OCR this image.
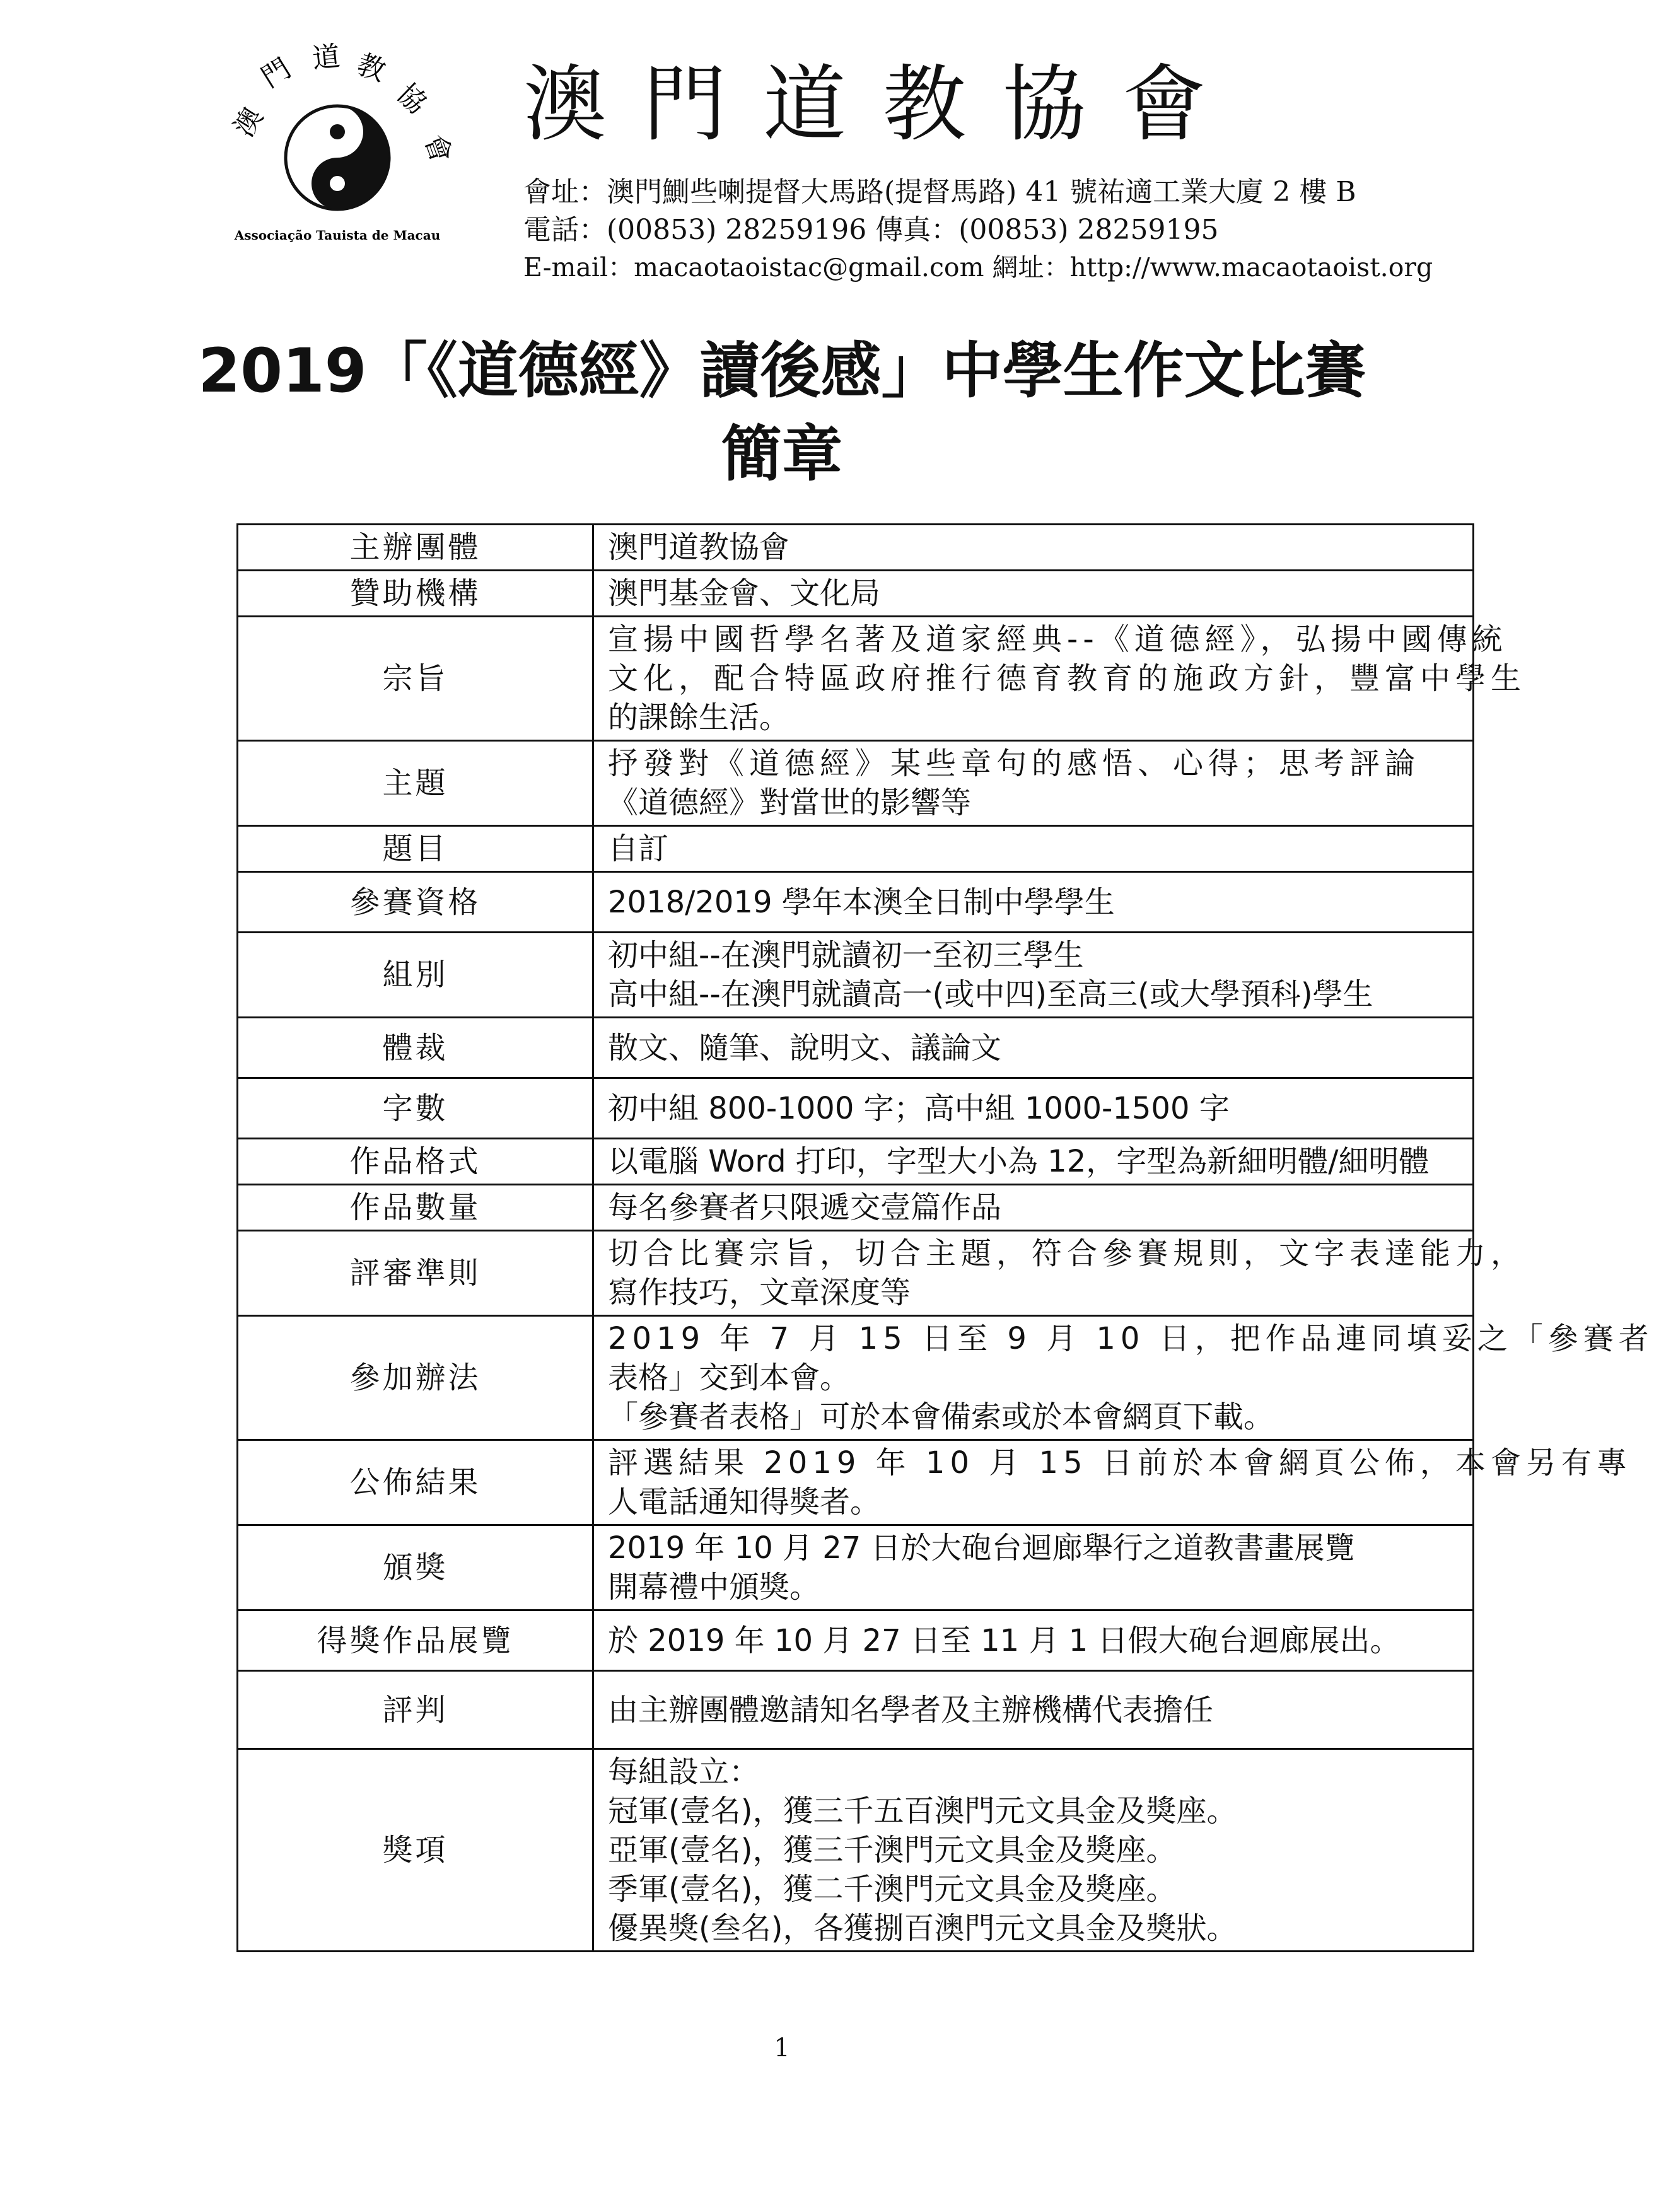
澳
門 道 教
協
會
Associação Tauista de Macau
澳門道教協會
會址：澳門鰂些喇提督大馬路(提督馬路) 41 號祐適工業大廈 2 樓 B
電話：(00853) 28259196 傳真：(00853) 28259195
E-mail：macaotaoistac@gmail.com 網址：http://www.macaotaoist.org
2019「《道德經》讀後感」中學生作文比賽
簡章
主辦團體	澳門道教協會

贊助機構	澳門基金會、文化局

宗旨	宣揚中國哲學名著及道家經典--《道德經》，弘揚中國傳統
文化，配合特區政府推行德育教育的施政方針，豐富中學生
的課餘生活。

主題	抒發對《道德經》某些章句的感悟、心得；思考評論
《道德經》對當世的影響等

題目	自訂

參賽資格	2018/2019 學年本澳全日制中學學生

組別	初中組--在澳門就讀初一至初三學生
高中組--在澳門就讀高一(或中四)至高三(或大學預科)學生

體裁	散文、隨筆、說明文、議論文

字數	初中組 800-1000 字；高中組 1000-1500 字

作品格式	以電腦 Word 打印，字型大小為 12，字型為新細明體/細明體

作品數量	每名參賽者只限遞交壹篇作品

評審準則	切合比賽宗旨，切合主題，符合參賽規則，文字表達能力，
寫作技巧，文章深度等

參加辦法	2019 年 7 月 15 日至 9 月 10 日，把作品連同填妥之「參賽者
表格」交到本會。
「參賽者表格」可於本會備索或於本會網頁下載。

公佈結果	評選結果 2019 年 10 月 15 日前於本會網頁公佈，本會另有專
人電話通知得獎者。

頒獎	2019 年 10 月 27 日於大砲台迴廊舉行之道教書畫展覽
開幕禮中頒獎。

得獎作品展覽	於 2019 年 10 月 27 日至 11 月 1 日假大砲台迴廊展出。

評判	由主辦團體邀請知名學者及主辦機構代表擔任

獎項	每組設立：
冠軍(壹名)，獲三千五百澳門元文具金及獎座。
亞軍(壹名)，獲三千澳門元文具金及獎座。
季軍(壹名)，獲二千澳門元文具金及獎座。
優異獎(叁名)，各獲捌百澳門元文具金及獎狀。
1
